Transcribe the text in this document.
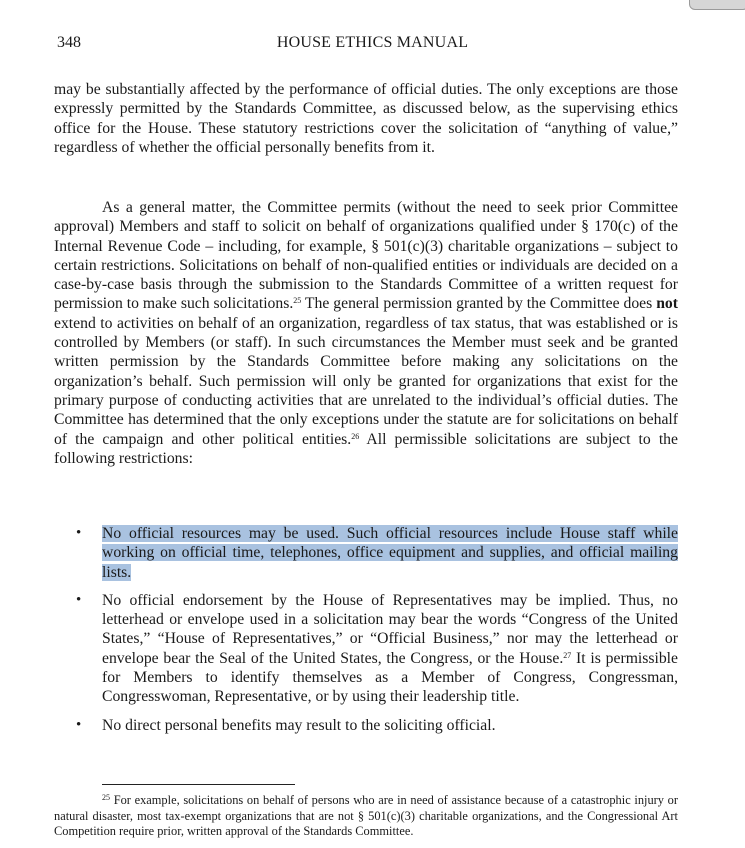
348	HOUSE ETHICS MANUAL
may be substantially affected by the performance of official duties. The only exceptions are those expressly permitted by the Standards Committee, as discussed below, as the supervising ethics office for the House. These statutory restrictions cover the solicitation of “anything of value,” regardless of whether the official personally benefits from it.
As a general matter, the Committee permits (without the need to seek prior Committee approval) Members and staff to solicit on behalf of organizations qualified under § 170(c) of the Internal Revenue Code – including, for example, § 501(c)(3) charitable organizations – subject to certain restrictions. Solicitations on behalf of non-qualified entities or individuals are decided on a case-by-case basis through the submission to the Standards Committee of a written request for permission to make such solicitations.$^{25}$ The general permission granted by the Committee does not extend to activities on behalf of an organization, regardless of tax status, that was established or is controlled by Members (or staff). In such circumstances the Member must seek and be granted written permission by the Standards Committee before making any solicitations on the organization’s behalf. Such permission will only be granted for organizations that exist for the primary purpose of conducting activities that are unrelated to the individual’s official duties. The Committee has determined that the only exceptions under the statute are for solicitations on behalf of the campaign and other political entities.$^{26}$ All permissible solicitations are subject to the following restrictions:
• No official resources may be used. Such official resources include House staff while working on official time, telephones, office equipment and supplies, and official mailing lists.
• No official endorsement by the House of Representatives may be implied. Thus, no letterhead or envelope used in a solicitation may bear the words “Congress of the United States,” “House of Representatives,” or “Official Business,” nor may the letterhead or envelope bear the Seal of the United States, the Congress, or the House.$^{27}$ It is permissible for Members to identify themselves as a Member of Congress, Congressman, Congresswoman, Representative, or by using their leadership title.
• No direct personal benefits may result to the soliciting official.
$^{25}$ For example, solicitations on behalf of persons who are in need of assistance because of a catastrophic injury or natural disaster, most tax-exempt organizations that are not § 501(c)(3) charitable organizations, and the Congressional Art Competition require prior, written approval of the Standards Committee.
